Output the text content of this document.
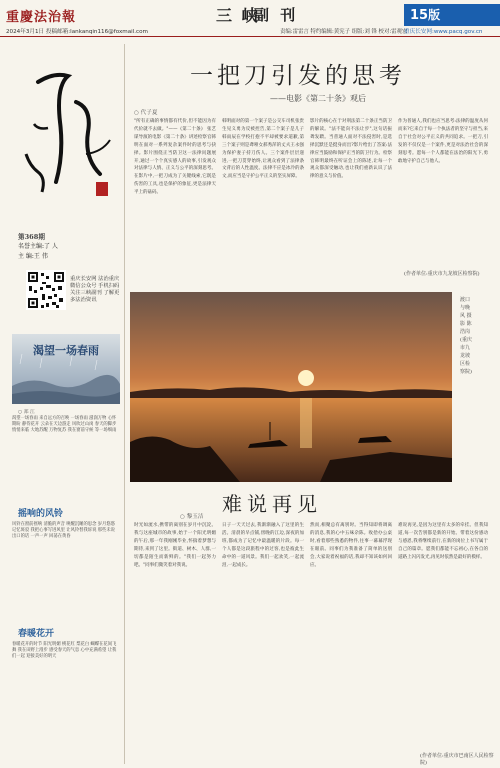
重慶法治報
2024年3月1日 投稿邮箱:lankanqin116@foxmail.com
三 峡
副 刊	15版
责编:雷雷言 特约编辑:黄宪子 组版:刘 锋 校对:雷观宏
重庆长安网:www.pacq.gov.cn
第368期
名誉主编:了 人
主 编:王 伟
重庆长安网 法治重庆 微信公众号 手机扫码 关注三峡副刊 了解更多法治资讯
渴望一场春雨
○ 郑 江
渴望一场春雨 来自远方的召唤 一场春雨 滋润万物 心怀期盼 静待花开 云朵在天边游走 风吹过山岗 春天的脚步 悄悄来临 大地苏醒 万物复苏 我在窗前守候 等一场细雨
摇响的风铃
风铃在窗前摇响 清脆的声音 唤醒沉睡的思念 岁月悠悠 记忆斑驳 我把心事写进风里 让风铃替我诉说 那些未说出口的话 一声一声 回荡在黄昏
春暖花开
春暖花开的时节 阳光明媚 桃花红 梨花白 蝴蝶在花间飞舞 我在田野上漫步 感受春天的气息 心中充满希望 让我们一起 迎接美好的明天
一把刀引发的思考
——电影《第二十条》观后
○ 代子夏
"所有正确的事情都有代价,但不能因为有代价就不去做。"——《第二十条》 张艺谋导演的电影《第二十条》讲述检察官韩明在面对一系列复杂案件时的思考与抉择。影片围绕正当防卫这一法律问题展开,通过一个个真实感人的故事,引发观众对法律与人情、正义与公平的深刻思考。在影片中,一把刀成为了关键线索,它既是伤害的工具,也是保护的象征,更是法律天平上的砝码。
韩明面对的第一个案子是公交车司机张贵生见义勇为反被控告,第二个案子是儿子韩雨辰在学校打抱不平却被要求道歉,第三个案子则是聋哑女郝秀萍的丈夫王永强为保护妻子持刀伤人。三个案件层层递进,一把刀贯穿始终,让观众看到了法律条文背后的人性温度。法律不应是冰冷的条文,而应当是守护公平正义的坚实屏障。
影片的核心在于对刑法第二十条正当防卫的解读。"法不能向不法让步",这句话振聋发聩。当普通人面对不法侵害时,是选择沉默还是挺身而出?影片给出了答案:法律应当鼓励和保护正当的防卫行为。检察官韩明最终在听证会上的陈述,让每一个观众都深受触动,也让我们重新认识了法律的意义与价值。
作为普通人,我们也应当思考:法律的温度从何而来?它来自于每一个执法者的坚守与担当,来自于社会对公平正义的共同追求。一把刀,引发的不仅仅是一个案件,更是对法治社会的深刻思考。愿每一个人都能在法治的阳光下,勇敢地守护自己与他人。
(作者单位:重庆市九龙坡区检察院)
渡口与晚风 摄影 陈浩岗(重庆市九龙坡区检察院)
难说再见
○ 黎玉洁
时光如流水,携带的离别在岁月中沉淀。我与这座城市的故事,始于一个阳光明媚的午后,那一年我刚刚毕业,怀揣着梦想与期待,来到了这里。街道、树木、人群,一切都是陌生而新鲜的。"我们一起努力吧。"同事们微笑着对我说。
日子一天天过去,我渐渐融入了这里的生活。清晨的早点铺,傍晚的江边,深夜的加班,都成为了记忆中最温暖的片段。每一个人都是这段旅程中的过客,也是彼此生命中的一道风景。我们一起欢笑,一起流泪,一起成长。
然而,相聚总有离别时。当得知即将调离的消息,我的心中五味杂陈。收拾办公桌时,看着那些熟悉的物件,往事一幕幕浮现在眼前。同事们为我准备了简单的送别会,大家说着祝福的话,我却不知该如何回应。
难说再见,是因为这里有太多的牵挂。但我知道,每一次告别都是新的开始。带着这份感动与感恩,我将继续前行,在新的岗位上书写属于自己的篇章。愿我们都能不忘初心,在各自的道路上闪闪发光,再见时依然是最好的模样。
(作者单位:重庆市巴南区人民检察院)
